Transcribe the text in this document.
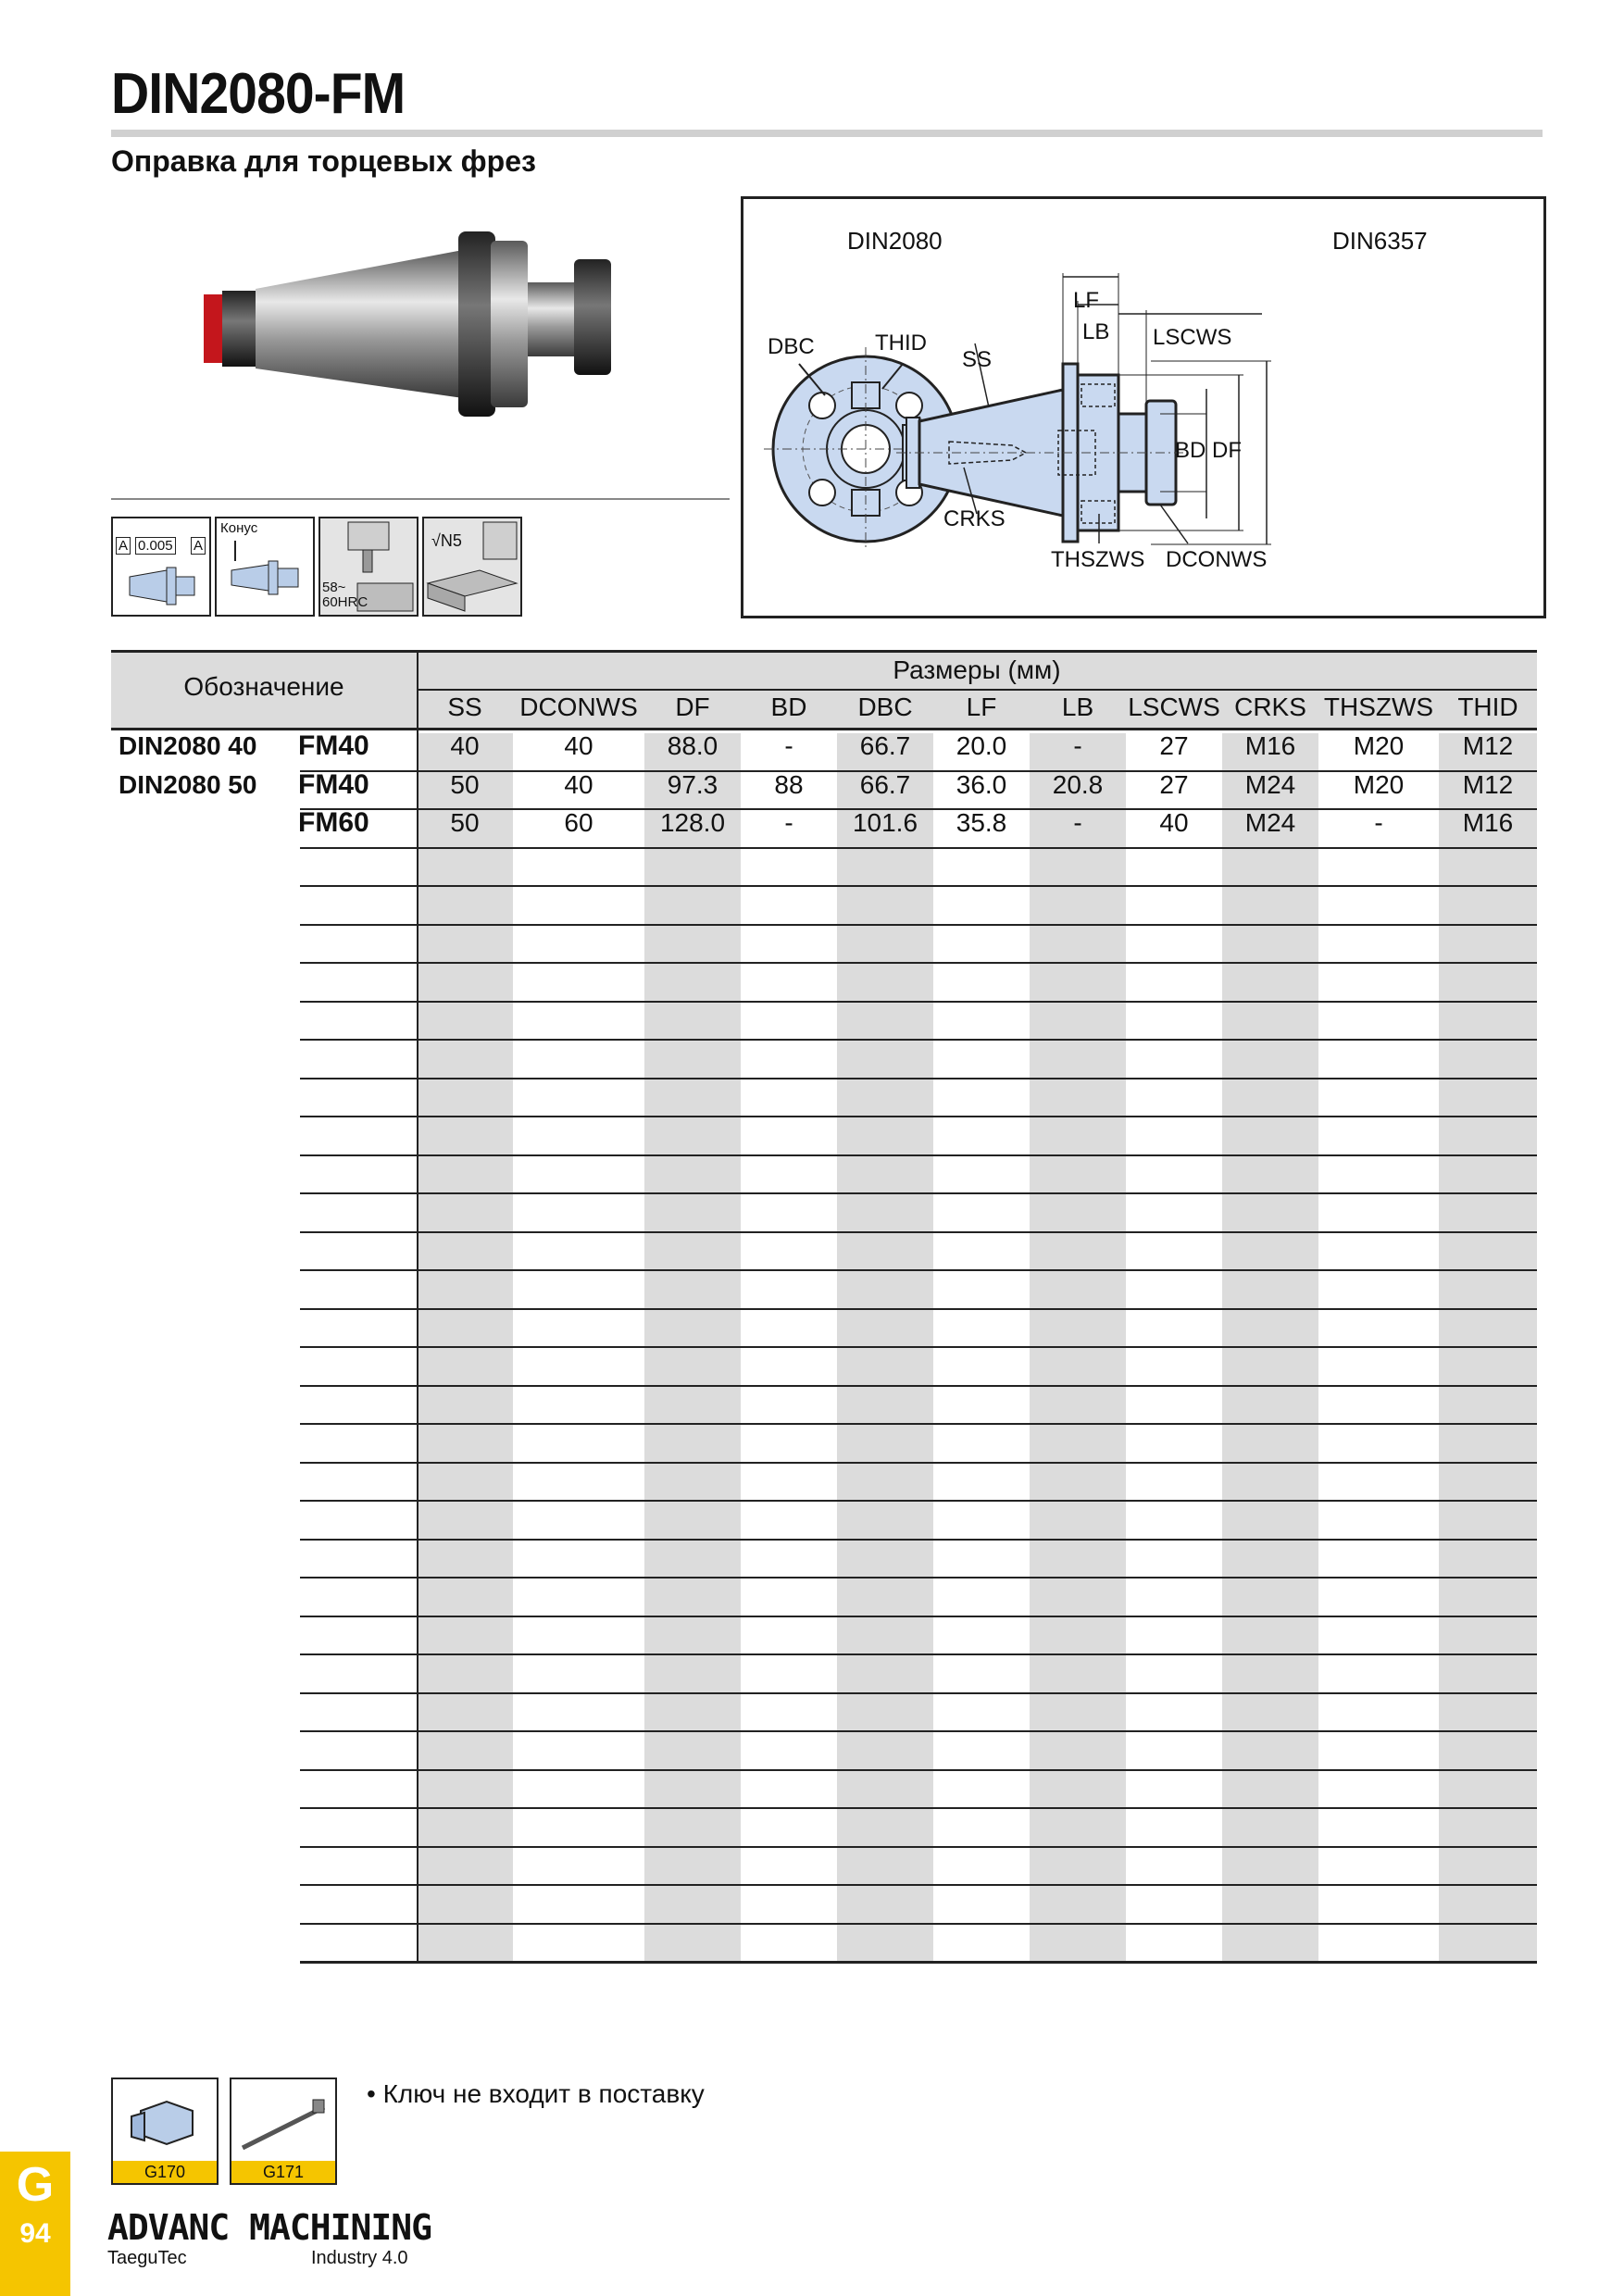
DIN2080-FM
Оправка для торцевых фрез
A 0.005 A
Конус
58~
60HRC
√N5
DIN2080	DIN6357
DBC	THID
SS
LF
LB LSCWS
BD DF
CRKS
THSZWS DCONWS
Обозначение
Размеры (мм)
SS	DCONWS	DF	BD	DBC	LF	LB	LSCWS CRKS THSZWS THID
DIN2080 40 FM40	40	40	88.0	-	66.7	20.0	-	27	M16	M20	M12
DIN2080 50 FM40	50	40	97.3	88	66.7	36.0	20.8	27	M24	M20	M12
FM60	50	60	128.0	-	101.6	35.8	-	40	M24	-	M16
G170	G171
• Ключ не входит в поставку
G
94	ADVANC MACHINING
TaeguTec	Industry 4.0
